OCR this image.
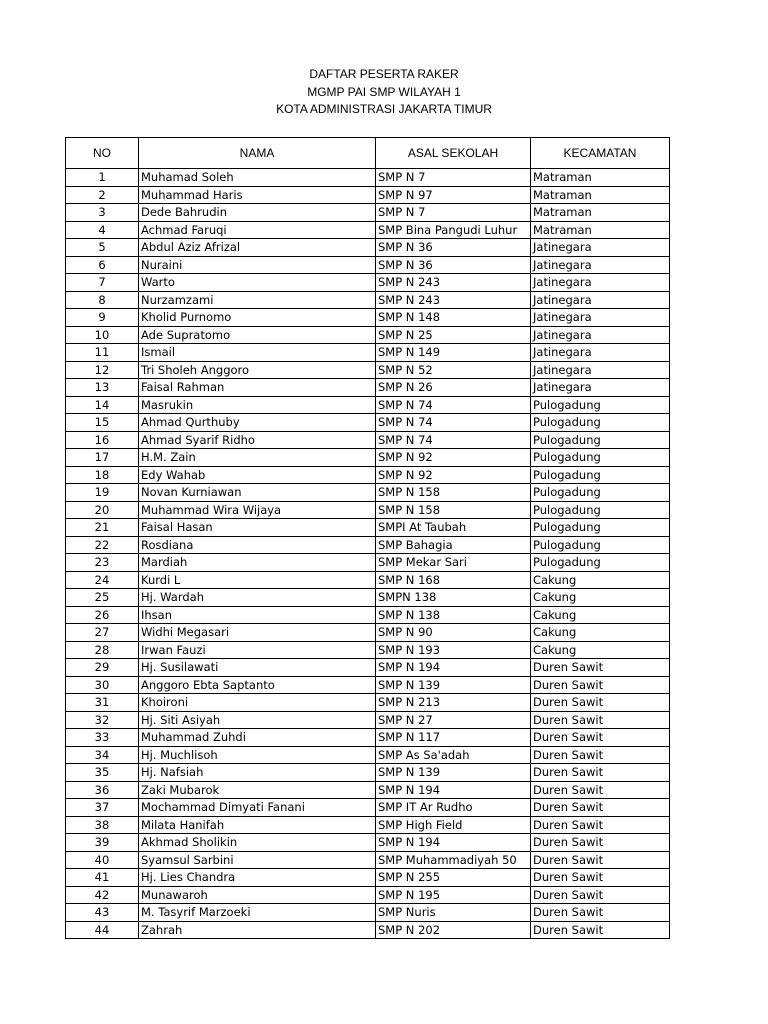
DAFTAR PESERTA RAKER
MGMP PAI SMP WILAYAH 1
KOTA ADMINISTRASI JAKARTA TIMUR
NO	NAMA	ASAL SEKOLAH	KECAMATAN
1	Muhamad Soleh	SMP N 7	Matraman
2	Muhammad Haris	SMP N 97	Matraman
3	Dede Bahrudin	SMP N 7	Matraman
4	Achmad Faruqi	SMP Bina Pangudi Luhur	Matraman
5	Abdul Aziz Afrizal	SMP N 36	Jatinegara
6	Nuraini	SMP N 36	Jatinegara
7	Warto	SMP N 243	Jatinegara
8	Nurzamzami	SMP N 243	Jatinegara
9	Kholid Purnomo	SMP N 148	Jatinegara
10	Ade Supratomo	SMP N 25	Jatinegara
11	Ismail	SMP N 149	Jatinegara
12	Tri Sholeh Anggoro	SMP N 52	Jatinegara
13	Faisal Rahman	SMP N 26	Jatinegara
14	Masrukin	SMP N 74	Pulogadung
15	Ahmad Qurthuby	SMP N 74	Pulogadung
16	Ahmad Syarif Ridho	SMP N 74	Pulogadung
17	H.M. Zain	SMP N 92	Pulogadung
18	Edy Wahab	SMP N 92	Pulogadung
19	Novan Kurniawan	SMP N 158	Pulogadung
20	Muhammad Wira Wijaya	SMP N 158	Pulogadung
21	Faisal Hasan	SMPI At Taubah	Pulogadung
22	Rosdiana	SMP Bahagia	Pulogadung
23	Mardiah	SMP Mekar Sari	Pulogadung
24	Kurdi L	SMP N 168	Cakung
25	Hj. Wardah	SMPN 138	Cakung
26	Ihsan	SMP N 138	Cakung
27	Widhi Megasari	SMP N 90	Cakung
28	Irwan Fauzi	SMP N 193	Cakung
29	Hj. Susilawati	SMP N 194	Duren Sawit
30	Anggoro Ebta Saptanto	SMP N 139	Duren Sawit
31	Khoironi	SMP N 213	Duren Sawit
32	Hj. Siti Asiyah	SMP N 27	Duren Sawit
33	Muhammad Zuhdi	SMP N 117	Duren Sawit
34	Hj. Muchlisoh	SMP As Sa'adah	Duren Sawit
35	Hj. Nafsiah	SMP N 139	Duren Sawit
36	Zaki Mubarok	SMP N 194	Duren Sawit
37	Mochammad Dimyati Fanani	SMP IT Ar Rudho	Duren Sawit
38	Milata Hanifah	SMP High Field	Duren Sawit
39	Akhmad Sholikin	SMP N 194	Duren Sawit
40	Syamsul Sarbini	SMP Muhammadiyah 50	Duren Sawit
41	Hj. Lies Chandra	SMP N 255	Duren Sawit
42	Munawaroh	SMP N 195	Duren Sawit
43	M. Tasyrif Marzoeki	SMP Nuris	Duren Sawit
44	Zahrah	SMP N 202	Duren Sawit
